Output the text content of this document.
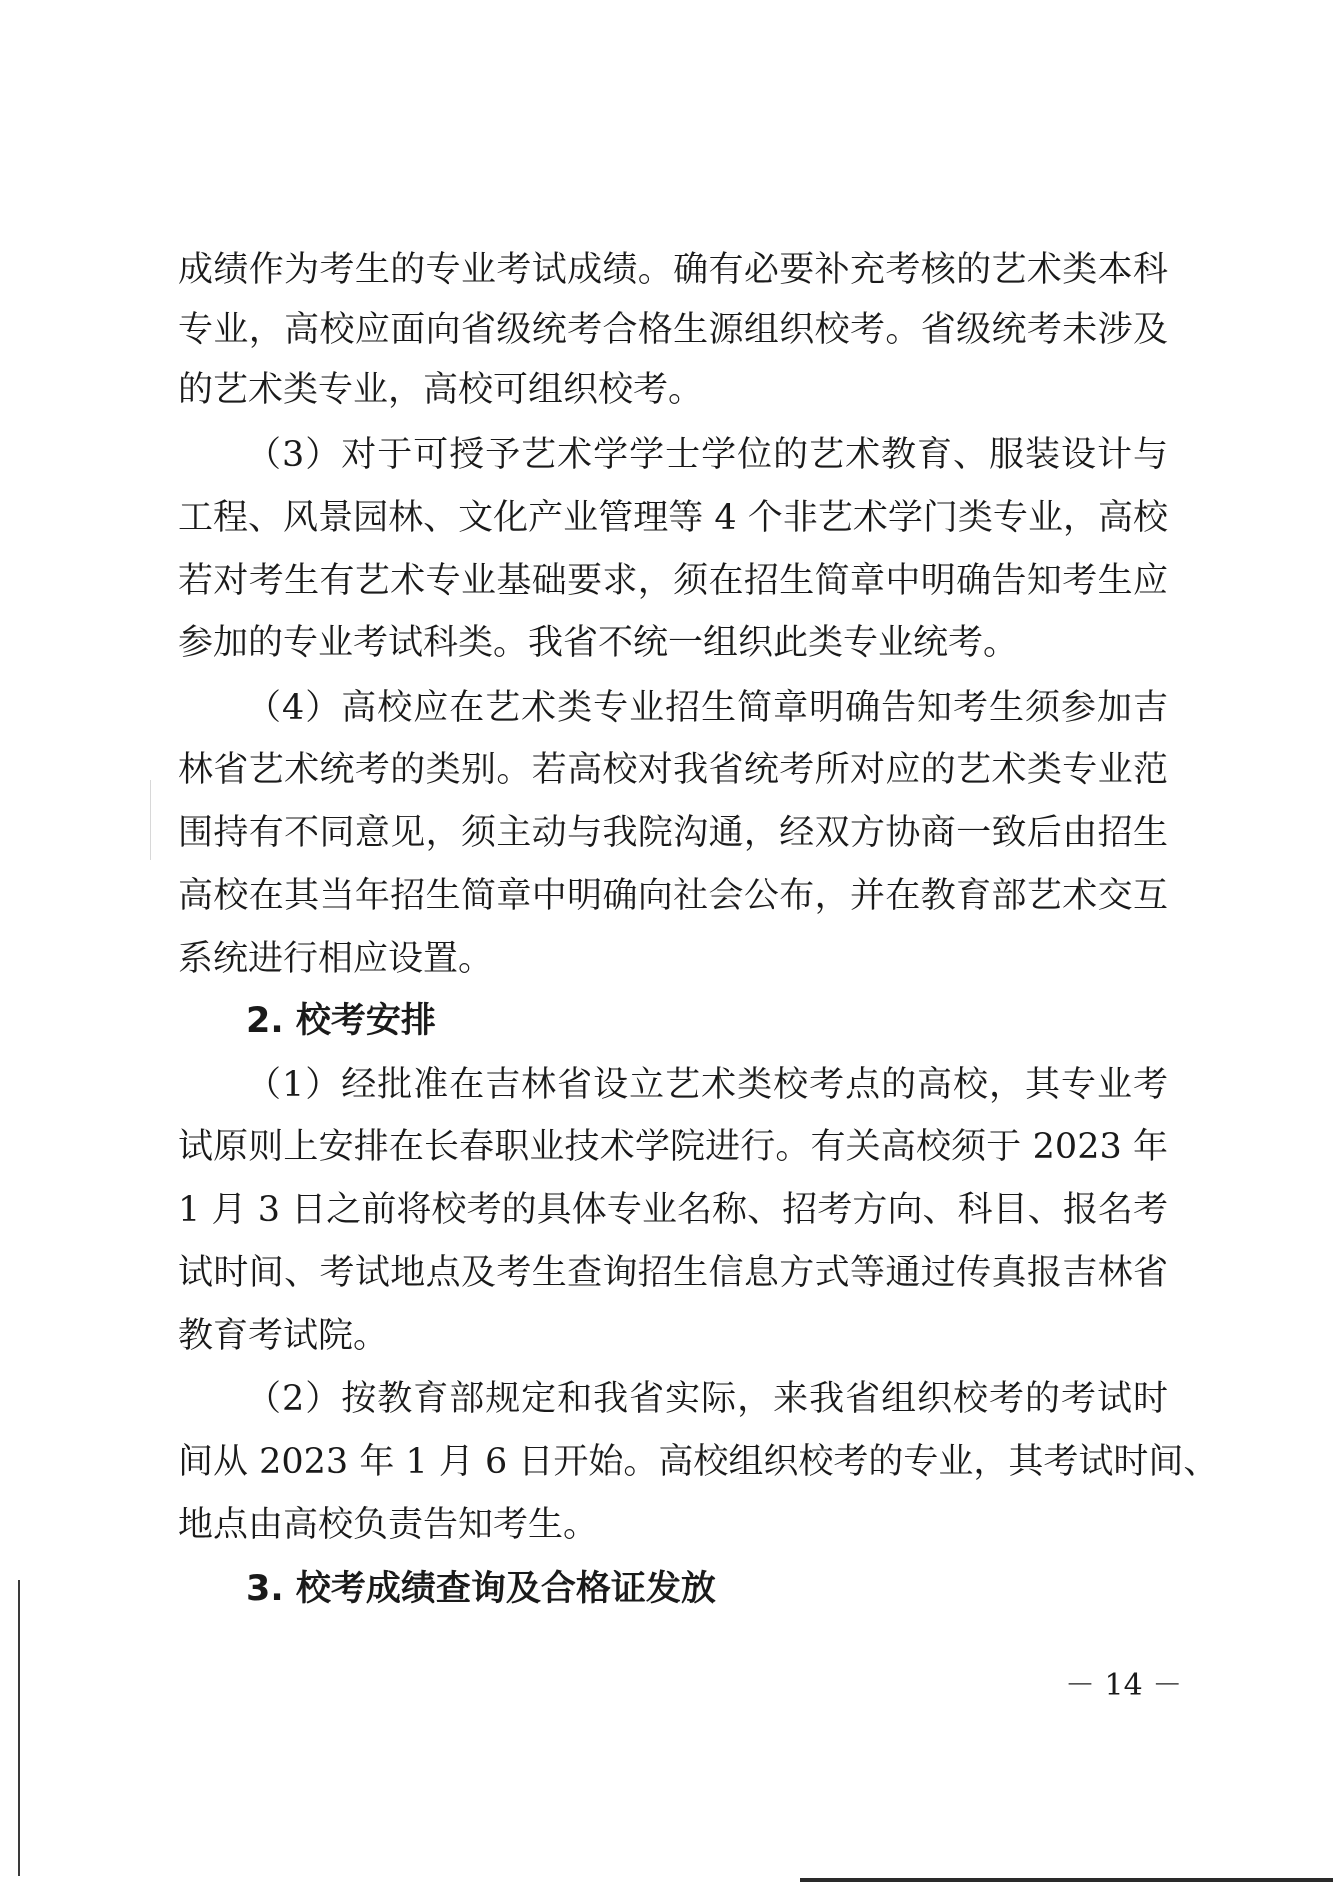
成绩作为考生的专业考试成绩。确有必要补充考核的艺术类本科
专业，高校应面向省级统考合格生源组织校考。省级统考未涉及
的艺术类专业，高校可组织校考。
（3）对于可授予艺术学学士学位的艺术教育、服装设计与
工程、风景园林、文化产业管理等 4 个非艺术学门类专业，高校
若对考生有艺术专业基础要求，须在招生简章中明确告知考生应
参加的专业考试科类。我省不统一组织此类专业统考。
（4）高校应在艺术类专业招生简章明确告知考生须参加吉
林省艺术统考的类别。若高校对我省统考所对应的艺术类专业范
围持有不同意见，须主动与我院沟通，经双方协商一致后由招生
高校在其当年招生简章中明确向社会公布，并在教育部艺术交互
系统进行相应设置。
2. 校考安排
（1）经批准在吉林省设立艺术类校考点的高校，其专业考
试原则上安排在长春职业技术学院进行。有关高校须于 2023 年
1 月 3 日之前将校考的具体专业名称、招考方向、科目、报名考
试时间、考试地点及考生查询招生信息方式等通过传真报吉林省
教育考试院。
（2）按教育部规定和我省实际，来我省组织校考的考试时
间从 2023 年 1 月 6 日开始。高校组织校考的专业，其考试时间、
地点由高校负责告知考生。
3. 校考成绩查询及合格证发放
－ 14 －
